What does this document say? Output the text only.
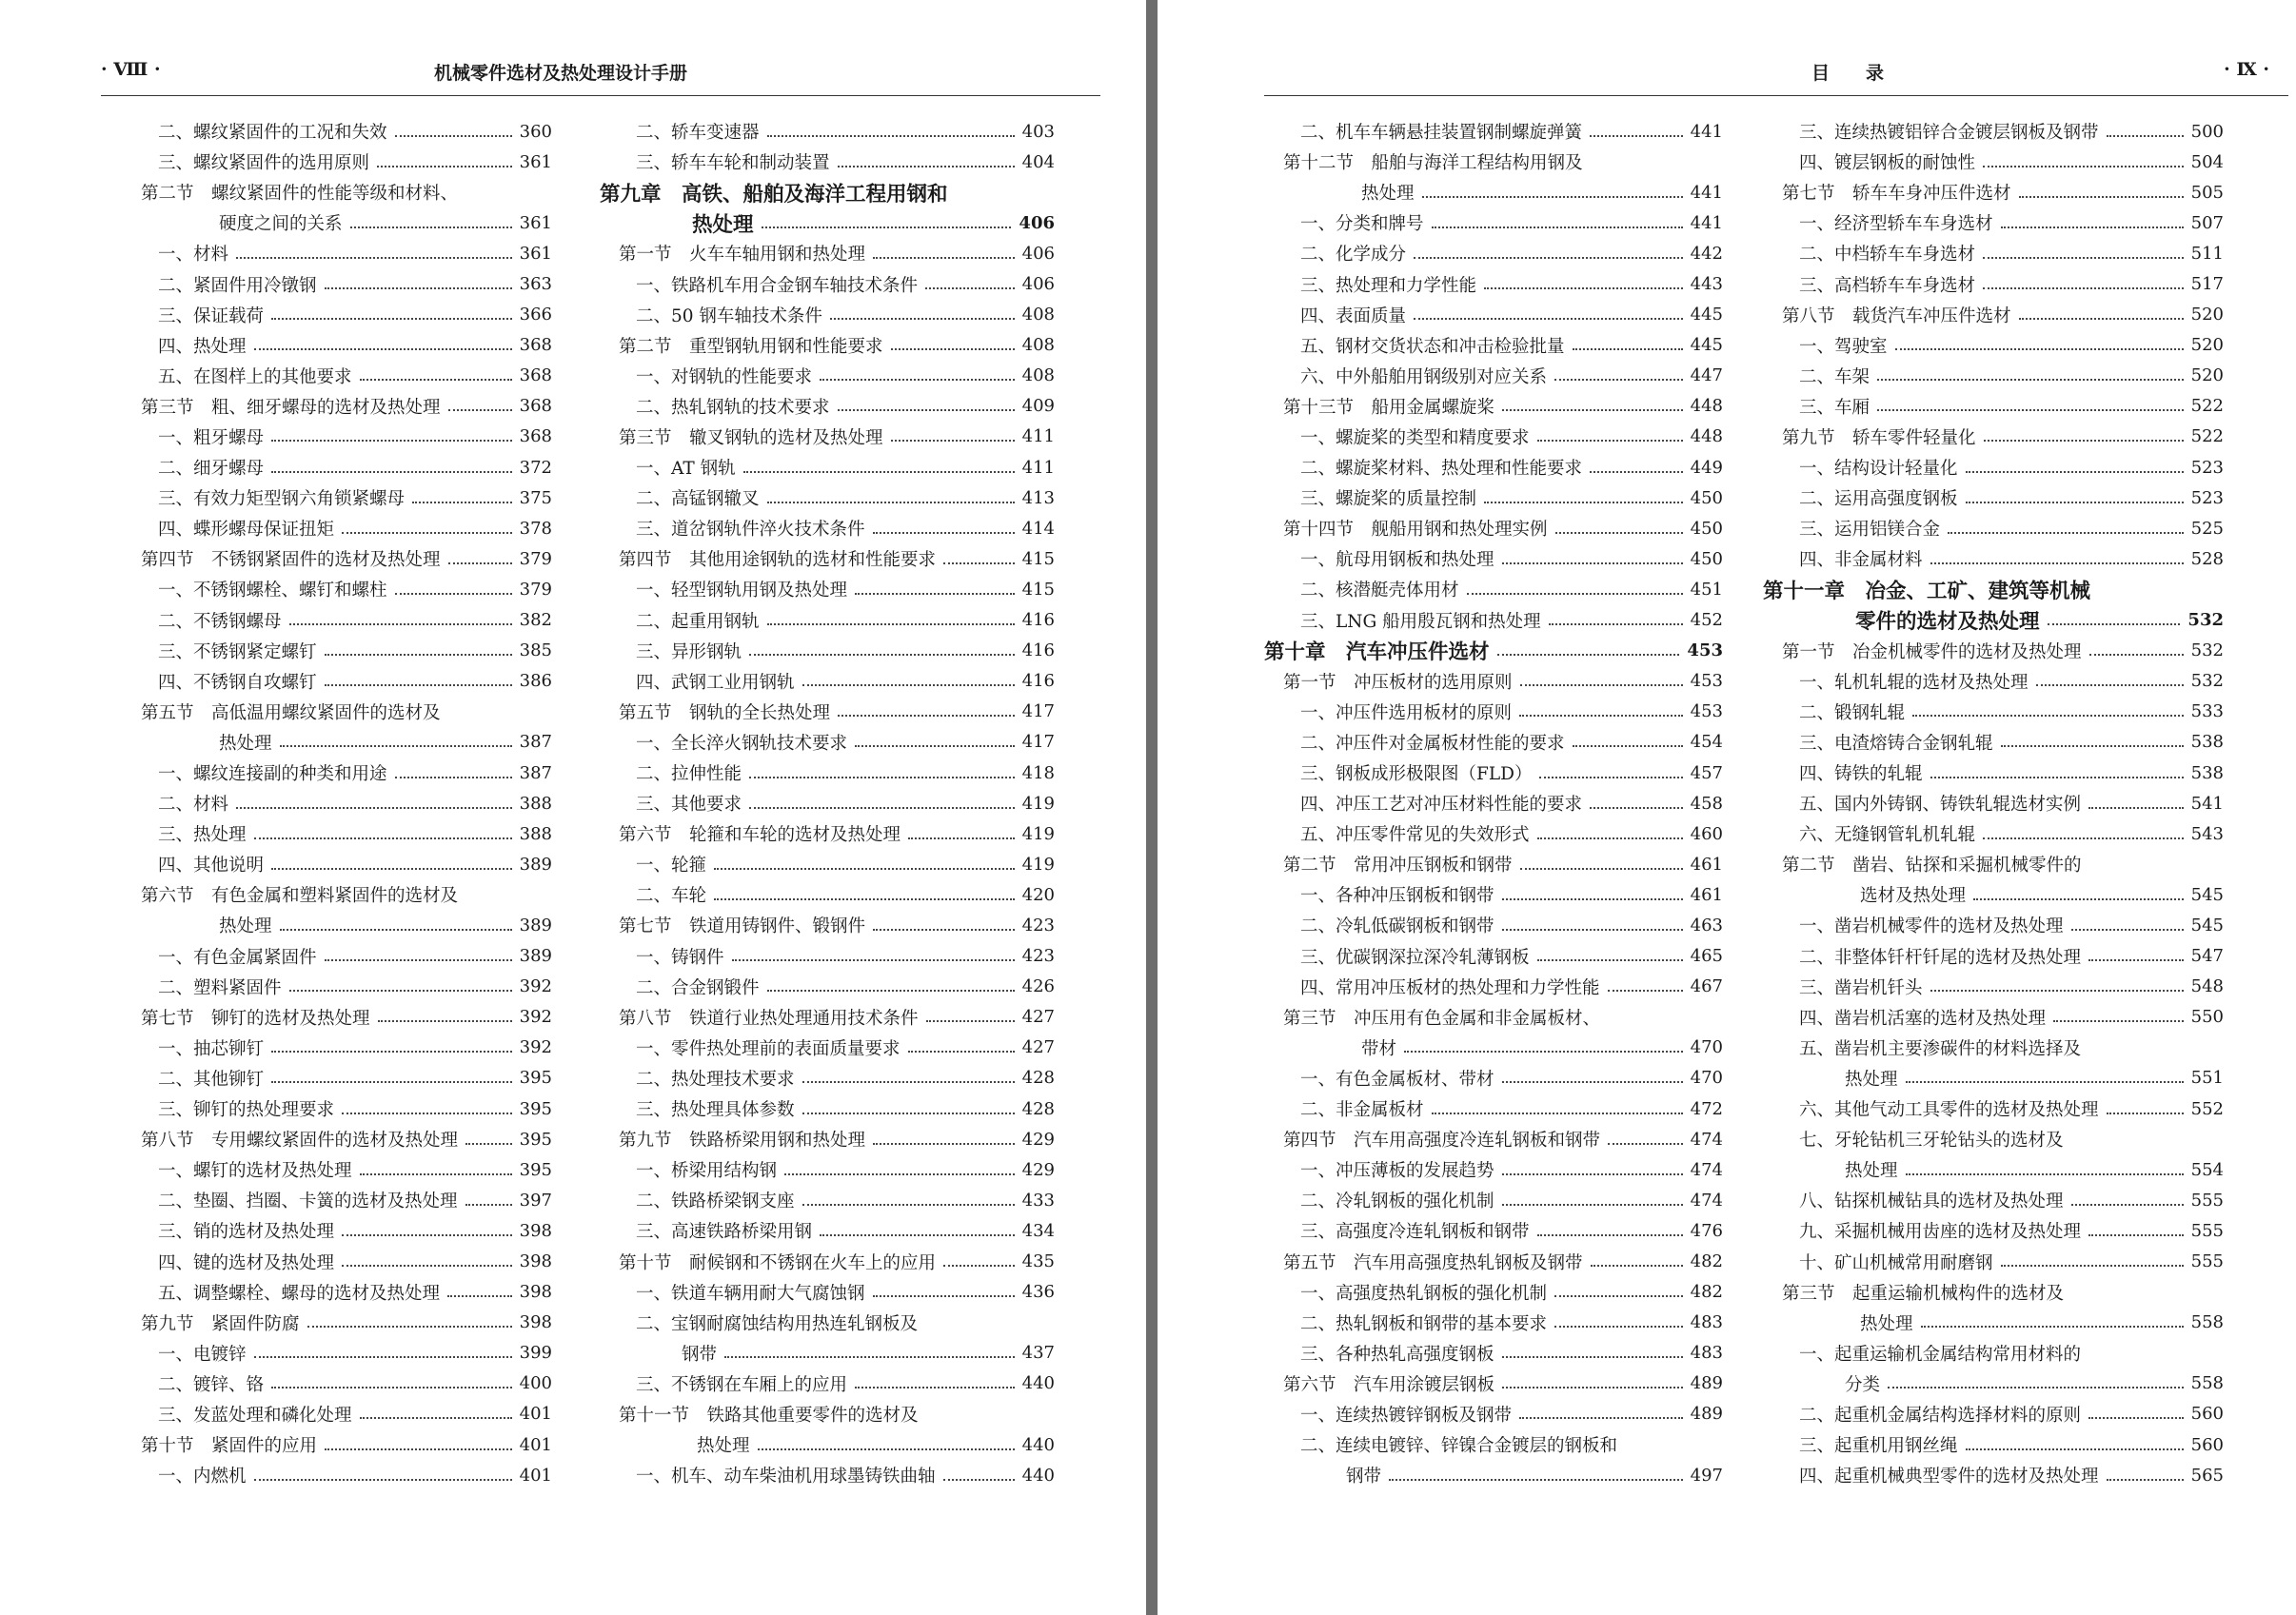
· Ⅷ ·	机械零件选材及热处理设计手册
二、螺纹紧固件的工况和失效	360
三、螺纹紧固件的选用原则	361
第二节　螺纹紧固件的性能等级和材料、
硬度之间的关系	361
一、材料	361
二、紧固件用冷镦钢	363
三、保证载荷	366
四、热处理	368
五、在图样上的其他要求	368
第三节　粗、细牙螺母的选材及热处理	368
一、粗牙螺母	368
二、细牙螺母	372
三、有效力矩型钢六角锁紧螺母	375
四、蝶形螺母保证扭矩	378
第四节　不锈钢紧固件的选材及热处理	379
一、不锈钢螺栓、螺钉和螺柱	379
二、不锈钢螺母	382
三、不锈钢紧定螺钉	385
四、不锈钢自攻螺钉	386
第五节　高低温用螺纹紧固件的选材及
热处理	387
一、螺纹连接副的种类和用途	387
二、材料	388
三、热处理	388
四、其他说明	389
第六节　有色金属和塑料紧固件的选材及
热处理	389
一、有色金属紧固件	389
二、塑料紧固件	392
第七节　铆钉的选材及热处理	392
一、抽芯铆钉	392
二、其他铆钉	395
三、铆钉的热处理要求	395
第八节　专用螺纹紧固件的选材及热处理	395
一、螺钉的选材及热处理	395
二、垫圈、挡圈、卡簧的选材及热处理	397
三、销的选材及热处理	398
四、键的选材及热处理	398
五、调整螺栓、螺母的选材及热处理	398
第九节　紧固件防腐	398
一、电镀锌	399
二、镀锌、铬	400
三、发蓝处理和磷化处理	401
第十节　紧固件的应用	401
一、内燃机	401
二、轿车变速器	403
三、轿车车轮和制动装置	404
第九章　高铁、船舶及海洋工程用钢和
热处理	406
第一节　火车车轴用钢和热处理	406
一、铁路机车用合金钢车轴技术条件	406
二、50 钢车轴技术条件	408
第二节　重型钢轨用钢和性能要求	408
一、对钢轨的性能要求	408
二、热轧钢轨的技术要求	409
第三节　辙叉钢轨的选材及热处理	411
一、AT 钢轨	411
二、高锰钢辙叉	413
三、道岔钢轨件淬火技术条件	414
第四节　其他用途钢轨的选材和性能要求	415
一、轻型钢轨用钢及热处理	415
二、起重用钢轨	416
三、异形钢轨	416
四、武钢工业用钢轨	416
第五节　钢轨的全长热处理	417
一、全长淬火钢轨技术要求	417
二、拉伸性能	418
三、其他要求	419
第六节　轮箍和车轮的选材及热处理	419
一、轮箍	419
二、车轮	420
第七节　铁道用铸钢件、锻钢件	423
一、铸钢件	423
二、合金钢锻件	426
第八节　铁道行业热处理通用技术条件	427
一、零件热处理前的表面质量要求	427
二、热处理技术要求	428
三、热处理具体参数	428
第九节　铁路桥梁用钢和热处理	429
一、桥梁用结构钢	429
二、铁路桥梁钢支座	433
三、高速铁路桥梁用钢	434
第十节　耐候钢和不锈钢在火车上的应用	435
一、铁道车辆用耐大气腐蚀钢	436
二、宝钢耐腐蚀结构用热连轧钢板及
钢带	437
三、不锈钢在车厢上的应用	440
第十一节　铁路其他重要零件的选材及
热处理	440
一、机车、动车柴油机用球墨铸铁曲轴	440
目　　录	· Ⅸ ·
二、机车车辆悬挂装置钢制螺旋弹簧	441
第十二节　船舶与海洋工程结构用钢及
热处理	441
一、分类和牌号	441
二、化学成分	442
三、热处理和力学性能	443
四、表面质量	445
五、钢材交货状态和冲击检验批量	445
六、中外船舶用钢级别对应关系	447
第十三节　船用金属螺旋桨	448
一、螺旋桨的类型和精度要求	448
二、螺旋桨材料、热处理和性能要求	449
三、螺旋桨的质量控制	450
第十四节　舰船用钢和热处理实例	450
一、航母用钢板和热处理	450
二、核潜艇壳体用材	451
三、LNG 船用殷瓦钢和热处理	452
第十章　汽车冲压件选材	453
第一节　冲压板材的选用原则	453
一、冲压件选用板材的原则	453
二、冲压件对金属板材性能的要求	454
三、钢板成形极限图（FLD）	457
四、冲压工艺对冲压材料性能的要求	458
五、冲压零件常见的失效形式	460
第二节　常用冲压钢板和钢带	461
一、各种冲压钢板和钢带	461
二、冷轧低碳钢板和钢带	463
三、优碳钢深拉深冷轧薄钢板	465
四、常用冲压板材的热处理和力学性能	467
第三节　冲压用有色金属和非金属板材、
带材	470
一、有色金属板材、带材	470
二、非金属板材	472
第四节　汽车用高强度冷连轧钢板和钢带	474
一、冲压薄板的发展趋势	474
二、冷轧钢板的强化机制	474
三、高强度冷连轧钢板和钢带	476
第五节　汽车用高强度热轧钢板及钢带	482
一、高强度热轧钢板的强化机制	482
二、热轧钢板和钢带的基本要求	483
三、各种热轧高强度钢板	483
第六节　汽车用涂镀层钢板	489
一、连续热镀锌钢板及钢带	489
二、连续电镀锌、锌镍合金镀层的钢板和
钢带	497
三、连续热镀铝锌合金镀层钢板及钢带	500
四、镀层钢板的耐蚀性	504
第七节　轿车车身冲压件选材	505
一、经济型轿车车身选材	507
二、中档轿车车身选材	511
三、高档轿车车身选材	517
第八节　载货汽车冲压件选材	520
一、驾驶室	520
二、车架	520
三、车厢	522
第九节　轿车零件轻量化	522
一、结构设计轻量化	523
二、运用高强度钢板	523
三、运用铝镁合金	525
四、非金属材料	528
第十一章　冶金、工矿、建筑等机械
零件的选材及热处理	532
第一节　冶金机械零件的选材及热处理	532
一、轧机轧辊的选材及热处理	532
二、锻钢轧辊	533
三、电渣熔铸合金钢轧辊	538
四、铸铁的轧辊	538
五、国内外铸钢、铸铁轧辊选材实例	541
六、无缝钢管轧机轧辊	543
第二节　凿岩、钻探和采掘机械零件的
选材及热处理	545
一、凿岩机械零件的选材及热处理	545
二、非整体钎杆钎尾的选材及热处理	547
三、凿岩机钎头	548
四、凿岩机活塞的选材及热处理	550
五、凿岩机主要渗碳件的材料选择及
热处理	551
六、其他气动工具零件的选材及热处理	552
七、牙轮钻机三牙轮钻头的选材及
热处理	554
八、钻探机械钻具的选材及热处理	555
九、采掘机械用齿座的选材及热处理	555
十、矿山机械常用耐磨钢	555
第三节　起重运输机械构件的选材及
热处理	558
一、起重运输机金属结构常用材料的
分类	558
二、起重机金属结构选择材料的原则	560
三、起重机用钢丝绳	560
四、起重机械典型零件的选材及热处理	565
